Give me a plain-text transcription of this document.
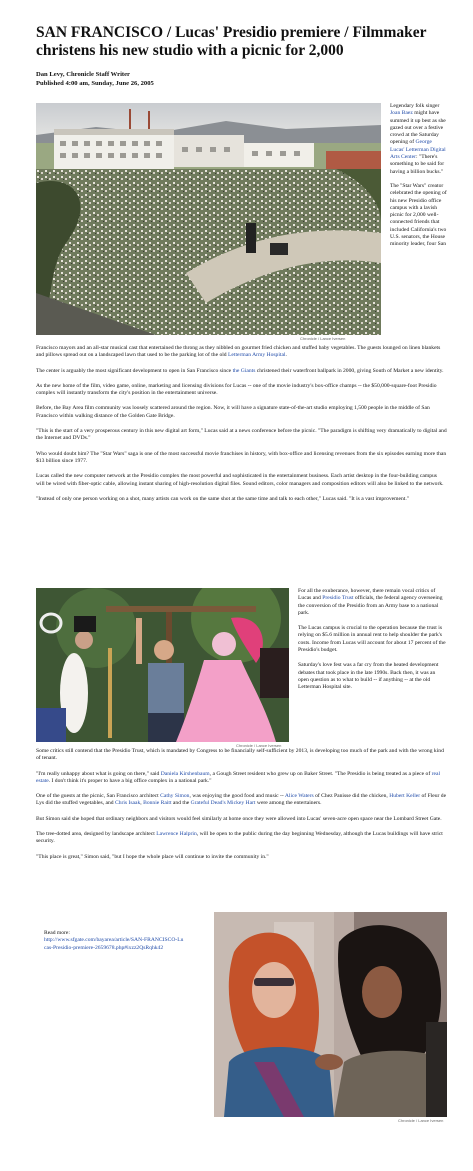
SAN FRANCISCO / Lucas' Presidio premiere / Filmmaker christens his new studio with a picnic for 2,000
Dan Levy, Chronicle Staff Writer
Published 4:00 am, Sunday, June 26, 2005
Chronicle / Lance Iversen

Legendary folk singer Joan Baez might have summed it up best as she gazed out over a festive crowd at the Saturday opening of George Lucas' Letterman Digital Arts Center: "There's something to be said for having a billion bucks."

The "Star Wars" creator celebrated the opening of his new Presidio office campus with a lavish picnic for 2,000 well-connected friends that included California's two U.S. senators, the House minority leader, four San

Francisco mayors and an all-star musical cast that entertained the throng as they nibbled on gourmet fried chicken and stuffed baby vegetables. The guests lounged on linen blankets and pillows spread out on a landscaped lawn that used to be the parking lot of the old Letterman Army Hospital.

The center is arguably the most significant development to open in San Francisco since the Giants christened their waterfront ballpark in 2000, giving South of Market a new identity.

As the new home of the film, video game, online, marketing and licensing divisions for Lucas -- one of the movie industry's box-office champs -- the $50,000-square-foot Presidio complex will instantly transform the city's position in the entertainment universe.

Before, the Bay Area film community was loosely scattered around the region. Now, it will have a signature state-of-the-art studio employing 1,500 people in the middle of San Francisco within walking distance of the Golden Gate Bridge.

"This is the start of a very prosperous century in this new digital art form," Lucas said at a news conference before the picnic. "The paradigm is shifting very dramatically to digital and the Internet and DVDs."

Who would doubt him? The "Star Wars" saga is one of the most successful movie franchises in history, with box-office and licensing revenues from the six episodes earning more than $13 billion since 1977.

Lucas called the new computer network at the Presidio complex the most powerful and sophisticated in the entertainment business. Each artist desktop in the four-building campus will be wired with fiber-optic cable, allowing instant sharing of high-resolution digital files. Sound editors, color managers and composition editors will also be linked to the network.

"Instead of only one person working on a shot, many artists can work on the same shot at the same time and talk to each other," Lucas said. "It is a vast improvement."

Chronicle / Lance Iversen

For all the exuberance, however, there remain vocal critics of Lucas and Presidio Trust officials, the federal agency overseeing the conversion of the Presidio from an Army base to a national park.

The Lucas campus is crucial to the operation because the trust is relying on $5.6 million in annual rent to help shoulder the park's costs. Income from Lucas will account for about 17 percent of the Presidio's budget.

Saturday's love fest was a far cry from the heated development debates that took place in the late 1990s. Back then, it was an open question as to what to build -- if anything -- at the old Letterman Hospital site.

Some critics still contend that the Presidio Trust, which is mandated by Congress to be financially self-sufficient by 2013, is developing too much of the park and with the wrong kind of tenant.

"I'm really unhappy about what is going on there," said Daniela Kirshenbaum, a Gough Street resident who grew up on Baker Street. "The Presidio is being treated as a piece of real estate. I don't think it's proper to have a big office complex in a national park."

One of the guests at the picnic, San Francisco architect Cathy Simon, was enjoying the good food and music -- Alice Waters of Chez Panisse did the chicken, Hubert Keller of Fleur de Lys did the stuffed vegetables, and Chris Isaak, Bonnie Raitt and the Grateful Dead's Mickey Hart were among the entertainers.

But Simon said she hoped that ordinary neighbors and visitors would feel similarly at home once they were allowed into Lucas' seven-acre open space near the Lombard Street Gate.

The tree-dotted area, designed by landscape architect Lawrence Halprin, will be open to the public during the day beginning Wednesday, although the Lucas buildings will have strict security.

"This place is great," Simon said, "but I hope the whole place will continue to invite the community in."

Read more:
http://www.sfgate.com/bayarea/article/SAN-FRANCISCO-Lucas-Presidio-premiere-2659678.php#ixzz2QsRqhk42
Chronicle / Lance Iversen
